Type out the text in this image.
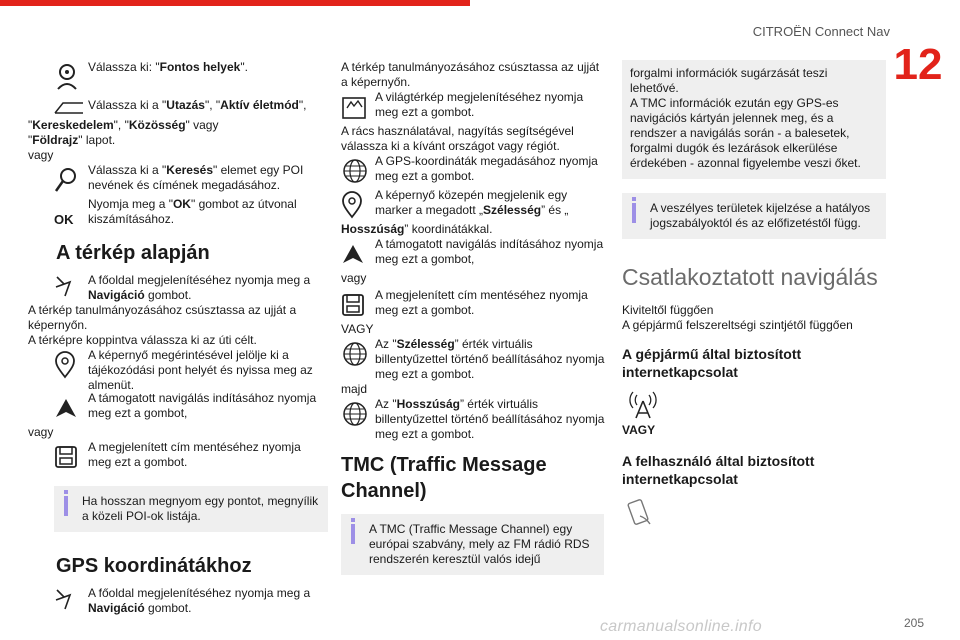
CITROËN Connect Nav
12

Válassza ki: "Fontos helyek".

Válassza ki a "Utazás", "Aktív életmód",

"Kereskedelem", "Közösség" vagy

"Földrajz" lapot.

vagy

Válassza ki a "Keresés" elemet egy POI nevének és címének megadásához.

OK

Nyomja meg a "OK" gombot az útvonal kiszámításához.

A térkép alapján

A főoldal megjelenítéséhez nyomja meg a Navigáció gombot.

A térkép tanulmányozásához csúsztassa az ujját a képernyőn.

A térképre koppintva válassza ki az úti célt.

A képernyő megérintésével jelölje ki a tájékozódási pont helyét és nyissa meg az almenüt.

A támogatott navigálás indításához nyomja meg ezt a gombot,

vagy

A megjelenített cím mentéséhez nyomja meg ezt a gombot.

Ha hosszan megnyom egy pontot, megnyílik a közeli POI-ok listája.
GPS koordinátákhoz

A főoldal megjelenítéséhez nyomja meg a Navigáció gombot.

A térkép tanulmányozásához csúsztassa az ujját a képernyőn.

A világtérkép megjelenítéséhez nyomja meg ezt a gombot.

A rács használatával, nagyítás segítségével válassza ki a kívánt országot vagy régiót.

A GPS-koordináták megadásához nyomja meg ezt a gombot.

A képernyő közepén megjelenik egy marker a megadott „Szélesség” és „

Hosszúság” koordinátákkal.

A támogatott navigálás indításához nyomja meg ezt a gombot,

vagy

A megjelenített cím mentéséhez nyomja meg ezt a gombot.

VAGY

Az "Szélesség” érték virtuális billentyűzettel történő beállításához nyomja meg ezt a gombot.

majd

Az "Hosszúság” érték virtuális billentyűzettel történő beállításához nyomja meg ezt a gombot.

TMC (Traffic Message Channel)
A TMC (Traffic Message Channel) egy európai szabvány, mely az FM rádió RDS rendszerén keresztül valós idejű

forgalmi információk sugárzását teszi lehetővé.

A TMC információk ezután egy GPS-es navigációs kártyán jelennek meg, és a rendszer a navigálás során - a balesetek, forgalmi dugók és lezárások elkerülése érdekében - azonnal figyelembe veszi őket.

A veszélyes területek kijelzése a hatályos jogszabályoktól és az előfizetéstől függ.
Csatlakoztatott navigálás

Kiviteltől függően

A gépjármű felszereltségi szintjétől függően

A gépjármű által biztosított internetkapcsolat

VAGY

A felhasználó által biztosított internetkapcsolat
carmanualsonline.info	205
